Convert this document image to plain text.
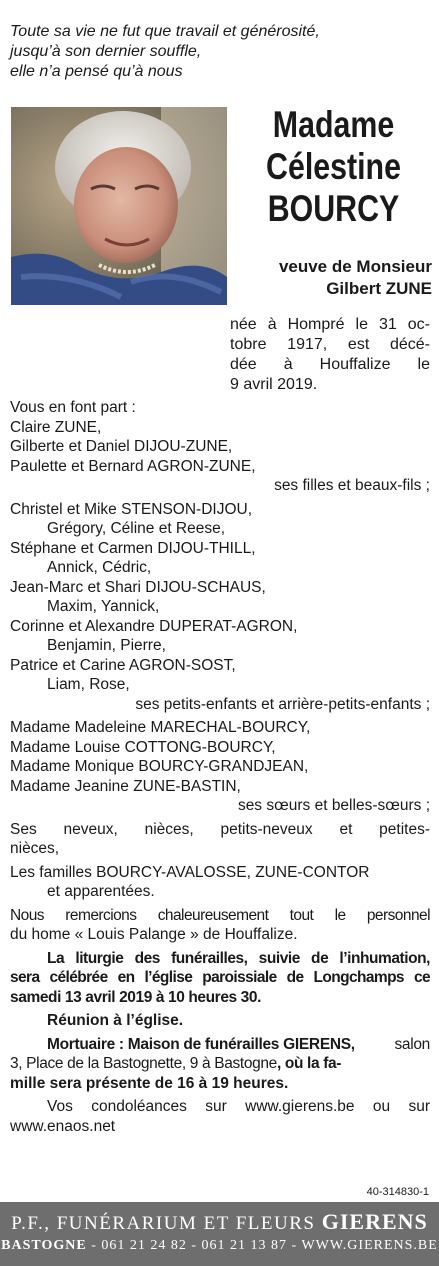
Toute sa vie ne fut que travail et générosité,
jusqu’à son dernier souffle,
elle n’a pensé qu’à nous
Madame
Célestine
BOURCY
veuve de Monsieur
Gilbert ZUNE
née à Hompré le 31 oc-
tobre 1917, est décé-
dée à Houffalize le
9 avril 2019.
Vous en font part :
Claire ZUNE,
Gilberte et Daniel DIJOU-ZUNE,
Paulette et Bernard AGRON-ZUNE,
ses filles et beaux-fils ;
Christel et Mike STENSON-DIJOU,
Grégory, Céline et Reese,
Stéphane et Carmen DIJOU-THILL,
Annick, Cédric,
Jean-Marc et Shari DIJOU-SCHAUS,
Maxim, Yannick,
Corinne et Alexandre DUPERAT-AGRON,
Benjamin, Pierre,
Patrice et Carine AGRON-SOST,
Liam, Rose,
ses petits-enfants et arrière-petits-enfants ;
Madame Madeleine MARECHAL-BOURCY,
Madame Louise COTTONG-BOURCY,
Madame Monique BOURCY-GRANDJEAN,
Madame Jeanine ZUNE-BASTIN,
ses sœurs et belles-sœurs ;
Ses neveux, nièces, petits-neveux et petites-
nièces,
Les familles BOURCY-AVALOSSE, ZUNE-CONTOR
et apparentées.
Nous remercions chaleureusement tout le personnel
du home « Louis Palange » de Houffalize.
La liturgie des funérailles, suivie de l’inhumation,
sera célébrée en l’église paroissiale de Longchamps ce
samedi 13 avril 2019 à 10 heures 30.
Réunion à l’église.
Mortuaire : Maison de funérailles GIERENS,	salon
3, Place de la Bastognette, 9 à Bastogne, où la fa-
mille sera présente de 16 à 19 heures.
Vos condoléances sur www.gierens.be ou sur
www.enaos.net
40-314830-1
P.F., FUNÉRARIUM ET FLEURS GIERENS
BASTOGNE - 061 21 24 82 - 061 21 13 87 - WWW.GIERENS.BE
